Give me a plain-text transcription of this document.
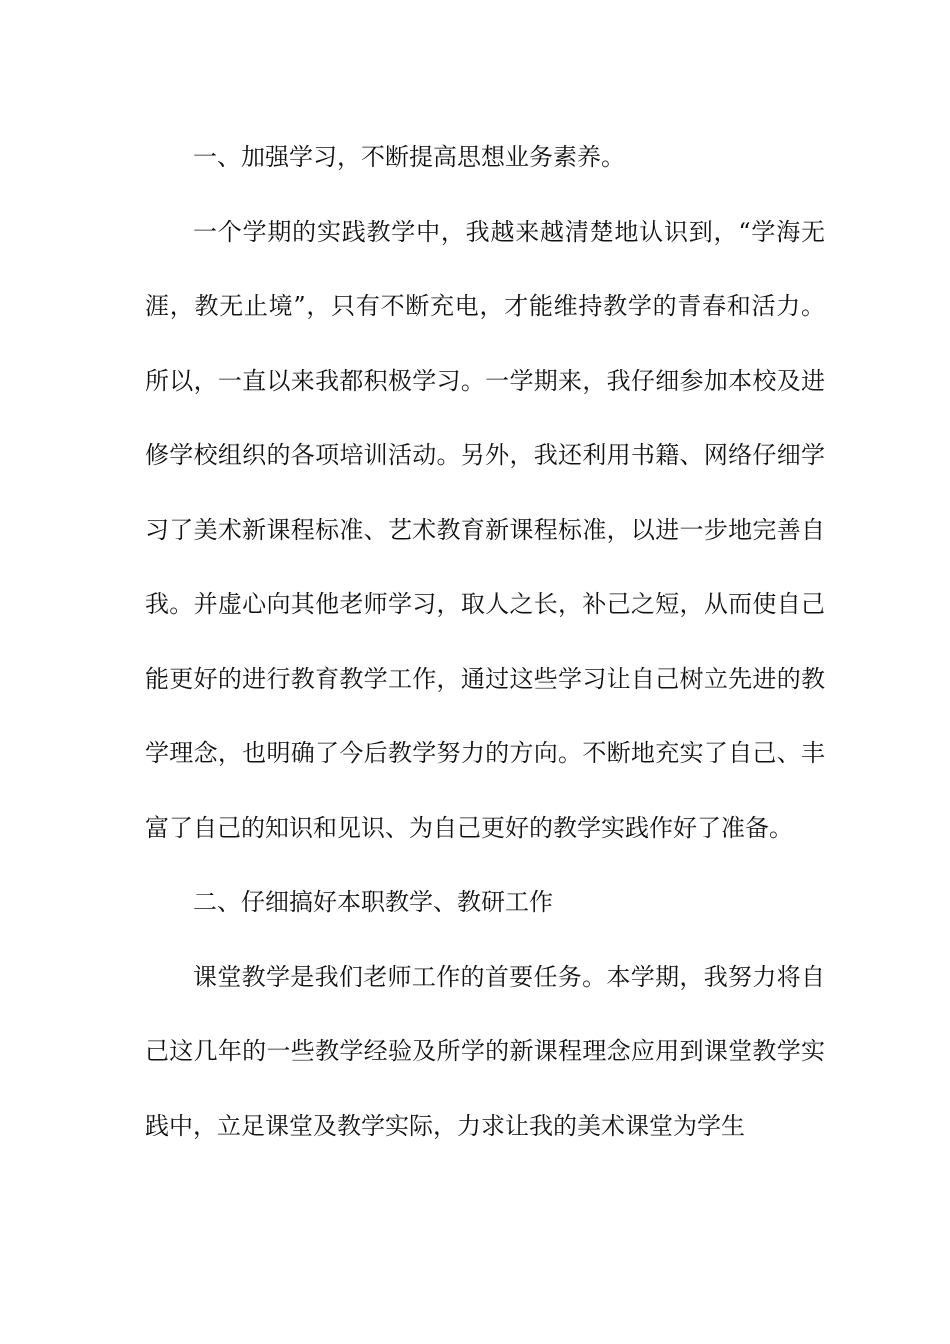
一、加强学习，不断提高思想业务素养。

一个学期的实践教学中，我越来越清楚地认识到，“学海无涯，教无止境”，只有不断充电，才能维持教学的青春和活力。所以，一直以来我都积极学习。一学期来，我仔细参加本校及进修学校组织的各项培训活动。另外，我还利用书籍、网络仔细学习了美术新课程标准、艺术教育新课程标准，以进一步地完善自我。并虚心向其他老师学习，取人之长，补己之短，从而使自己能更好的进行教育教学工作，通过这些学习让自己树立先进的教学理念，也明确了今后教学努力的方向。不断地充实了自己、丰富了自己的知识和见识、为自己更好的教学实践作好了准备。

二、仔细搞好本职教学、教研工作

课堂教学是我们老师工作的首要任务。本学期，我努力将自己这几年的一些教学经验及所学的新课程理念应用到课堂教学实践中，立足课堂及教学实际，力求让我的美术课堂为学生
